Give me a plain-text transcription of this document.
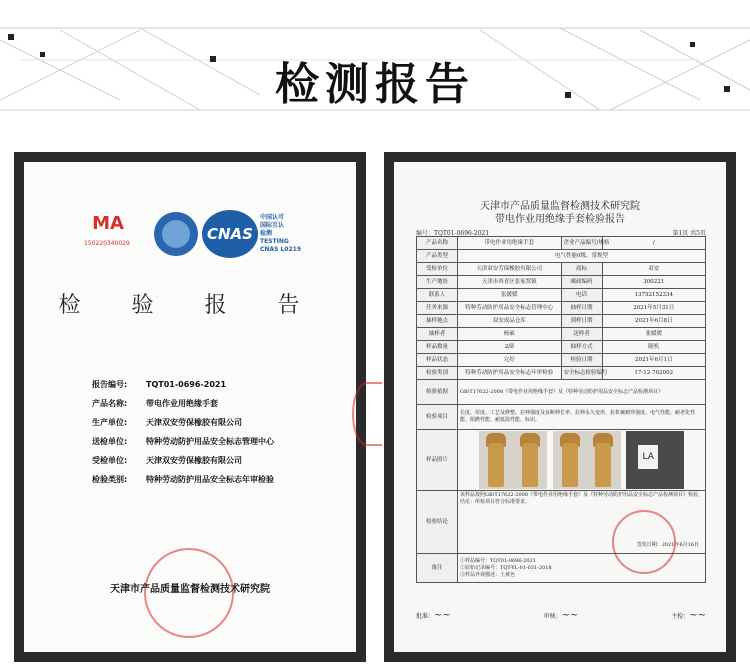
检测报告
MA
150220340029
CNAS
中国认可
国际互认
检测
TESTING
CNAS L0219
检 验 报 告
报告编号:	TQT01-0696-2021
产品名称:	带电作业用绝缘手套
生产单位:	天津双安劳保橡胶有限公司
送检单位:	特种劳动防护用品安全标志管理中心
受检单位:	天津双安劳保橡胶有限公司
检验类别:	特种劳动防护用品安全标志年审检验
天津市产品质量监督检测技术研究院
天津市产品质量监督检测技术研究院
带电作业用绝缘手套检验报告
编号：TQT01-0696-2021	第1页 共5页
产品名称	带电作业用绝缘手套	企业产品编号/规格	/
产品类型	电气性能0级，常规型		
受检单位	天津双安劳保橡胶有限公司	商标	双安
生产地址	天津市西青区张家窝镇	邮政编码	300221
联系人	张媛媛	电话	13752152334
任务来源	特种劳动防护用品安全标志管理中心	抽样日期	2021年5月31日
抽样地点	双安成品仓库	到样日期	2021年6月8日
抽样者	杨硕	送样者	张媛媛
样品数量	2副	抽样方式	随机
样品状态	完好	检验日期	2021年6月1日
检验类别	特种劳动防护用品安全标志年审检验	安全标志检验编号	17-12-702002
检验依据	GB/T17622-2008《带电作业用绝缘手套》及《特种劳动防护用品安全标志产品检测项目》		
检验项目	长度、厚度、工艺及修整、拉伸强度及扯断伸长率、拉伸永久变形、抗机械刺穿强度、电气性能、耐老化性能、阻燃性能、耐低温性能、标识。		
样品照片	LA		

检验结论	该样品按照GB/T17622-2008《带电作业用绝缘手套》及《特种劳动防护用品安全标志产品检测项目》检验，结论：所检项目符合标准要求。
签发日期：2021年6月16日		

备注	①样品编号：TQT01-0696-2021
②原始记录编号：TQT-YL-01-031-2018
③样品外观描述：土黄色		
批准：~~	审核：~~	主检：~~
